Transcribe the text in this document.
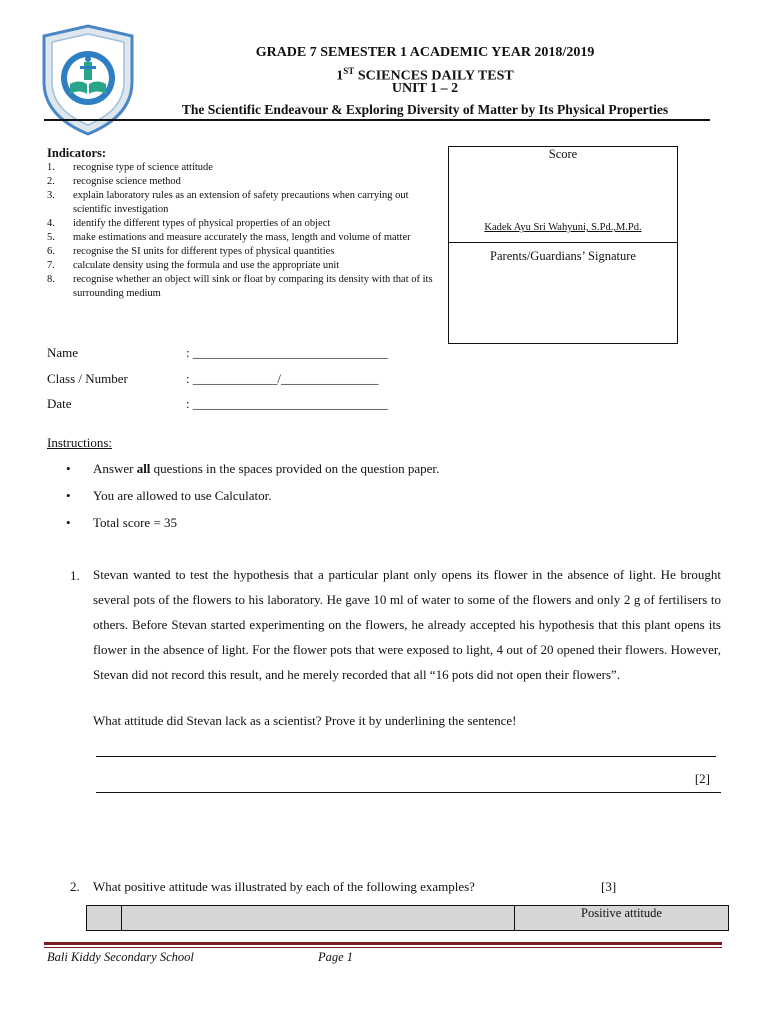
GRADE 7 SEMESTER 1 ACADEMIC YEAR 2018/2019
1ST SCIENCES DAILY TEST
UNIT 1 – 2
The Scientific Endeavour & Exploring Diversity of Matter by Its Physical Properties
Indicators:
1.	recognise type of science attitude
2.	recognise science method
3.	explain laboratory rules as an extension of safety precautions when carrying out scientific investigation
4.	identify the different types of physical properties of an object
5.	make estimations and measure accurately the mass, length and volume of matter
6.	recognise the SI units for different types of physical quantities
7.	calculate density using the formula and use the appropriate unit
8.	recognise whether an object will sink or float by comparing its density with that of its surrounding medium
Score
Kadek Ayu Sri Wahyuni, S.Pd.,M.Pd.
Parents/Guardians’ Signature
Name	: ______________________________
Class / Number	: _____________/_______________
Date	: ______________________________
Instructions:
• Answer all questions in the spaces provided on the question paper.
• You are allowed to use Calculator.
• Total score = 35
1. Stevan wanted to test the hypothesis that a particular plant only opens its flower in the absence of light. He brought several pots of the flowers to his laboratory. He gave 10 ml of water to some of the flowers and only 2 g of fertilisers to others. Before Stevan started experimenting on the flowers, he already accepted his hypothesis that this plant opens its flower in the absence of light. For the flower pots that were exposed to light, 4 out of 20 opened their flowers. However, Stevan did not record this result, and he merely recorded that all “16 pots did not open their flowers”.
What attitude did Stevan lack as a scientist? Prove it by underlining the sentence!
[2]
2. What positive attitude was illustrated by each of the following examples?	[3]
		Positive attitude
Bali Kiddy Secondary School	Page 1
